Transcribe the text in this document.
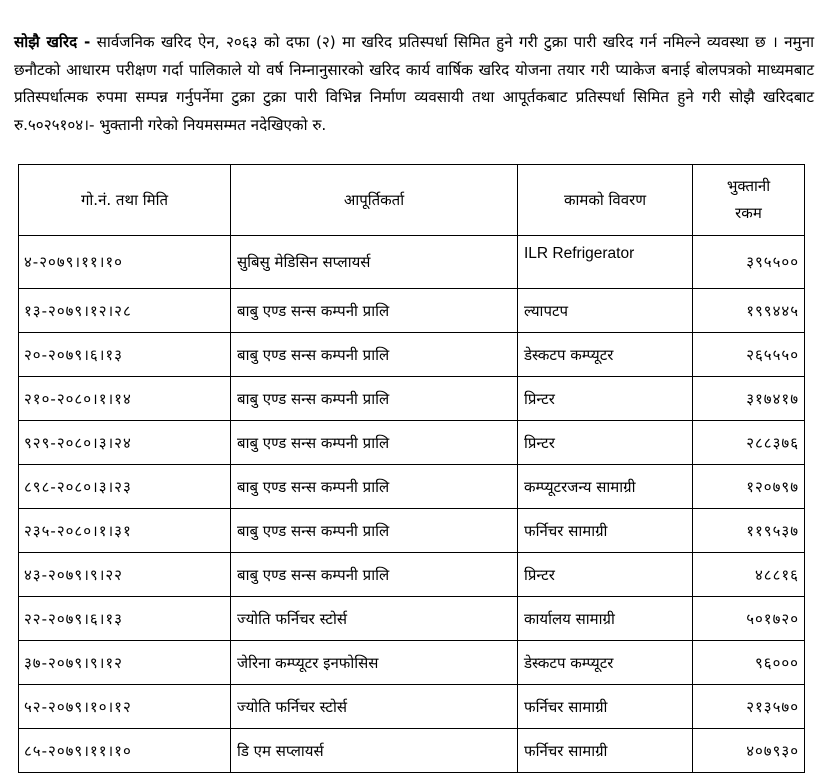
सोझै खरिद - सार्वजनिक खरिद ऐन, २०६३ को दफा (२) मा खरिद प्रतिस्पर्धा सिमित हुने गरी टुक्रा पारी खरिद गर्न नमिल्ने व्यवस्था छ । नमुना छनौटको आधारम परीक्षण गर्दा पालिकाले यो वर्ष निम्नानुसारको खरिद कार्य वार्षिक खरिद योजना तयार गरी प्याकेज बनाई बोलपत्रको माध्यमबाट प्रतिस्पर्धात्मक रुपमा सम्पन्न गर्नुपर्नेमा टुक्रा टुक्रा पारी विभिन्न निर्माण व्यवसायी तथा आपूर्तकबाट प्रतिस्पर्धा सिमित हुने गरी सोझै खरिदबाट रु.५०२५१०४।- भुक्तानी गरेको नियमसम्मत नदेखिएको रु.

गो.नं. तथा मिति	आपूर्तिकर्ता	कामको विवरण	भुक्तानी
रकम
४-२०७९।११।१०	सुबिसु मेडिसिन सप्लायर्स	ILR Refrigerator	३९५५००
१३-२०७९।१२।२८	बाबु एण्ड सन्स कम्पनी प्रालि	ल्यापटप	१९९४४५
२०-२०७९।६।१३	बाबु एण्ड सन्स कम्पनी प्रालि	डेस्कटप कम्प्यूटर	२६५५५०
२१०-२०८०।१।१४	बाबु एण्ड सन्स कम्पनी प्रालि	प्रिन्टर	३१७४१७
९२९-२०८०।३।२४	बाबु एण्ड सन्स कम्पनी प्रालि	प्रिन्टर	२८८३७६
८९८-२०८०।३।२३	बाबु एण्ड सन्स कम्पनी प्रालि	कम्प्यूटरजन्य सामाग्री	१२०७९७
२३५-२०८०।१।३१	बाबु एण्ड सन्स कम्पनी प्रालि	फर्निचर सामाग्री	११९५३७
४३-२०७९।९।२२	बाबु एण्ड सन्स कम्पनी प्रालि	प्रिन्टर	४८८१६
२२-२०७९।६।१३	ज्योति फर्निचर स्टोर्स	कार्यालय सामाग्री	५०१७२०
३७-२०७९।९।१२	जेरिना कम्प्यूटर इनफोसिस	डेस्कटप कम्प्यूटर	९६०००
५२-२०७९।१०।१२	ज्योति फर्निचर स्टोर्स	फर्निचर सामाग्री	२१३५७०
८५-२०७९।११।१०	डि एम सप्लायर्स	फर्निचर सामाग्री	४०७९३०
